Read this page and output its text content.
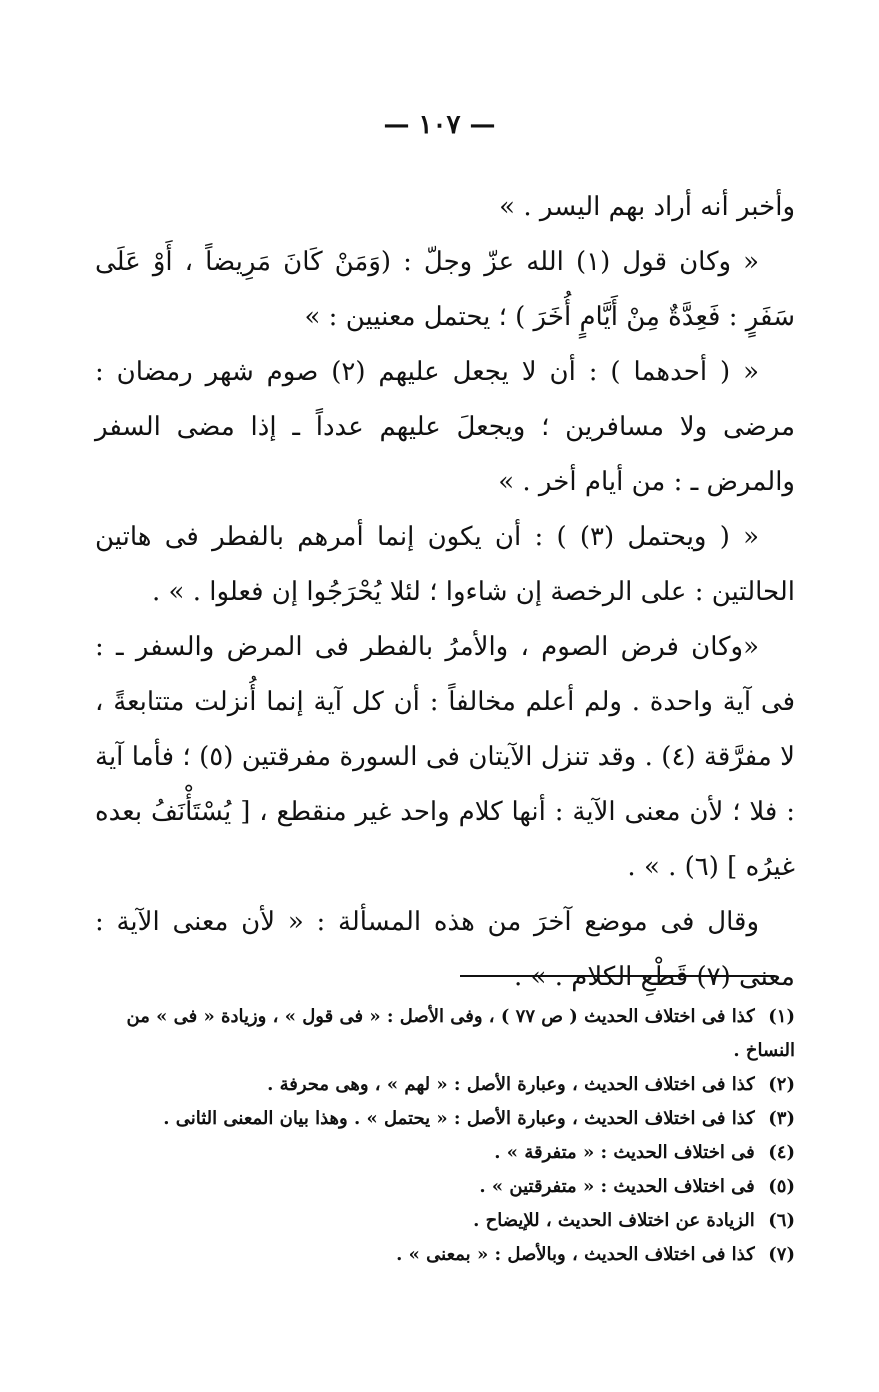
— ١٠٧ —

وأخبر أنه أراد بهم اليسر . »

« وكان قول (١) الله عزّ وجلّ : (وَمَنْ كَانَ مَرِيضاً ، أَوْ عَلَى سَفَرٍ : فَعِدَّةٌ مِنْ أَيَّامٍ أُخَرَ ) ؛ يحتمل معنيين : »

« ( أحدهما ) : أن لا يجعل عليهم (٢) صوم شهر رمضان : مرضى ولا مسافرين ؛ ويجعلَ عليهم عدداً ـ إذا مضى السفر والمرض ـ : من أيام أخر . »

« ( ويحتمل (٣) ) : أن يكون إنما أمرهم بالفطر فى هاتين الحالتين : على الرخصة إن شاءوا ؛ لئلا يُحْرَجُوا إن فعلوا . » .

«وكان فرض الصوم ، والأمرُ بالفطر فى المرض والسفر ـ : فى آية واحدة . ولم أعلم مخالفاً : أن كل آية إنما أُنزلت متتابعةً ، لا مفرَّقة (٤) . وقد تنزل الآيتان فى السورة مفرقتين (٥) ؛ فأما آية : فلا ؛ لأن معنى الآية : أنها كلام واحد غير منقطع ، [ يُسْتَأْنَفُ بعده غيرُه ] (٦) . » .

وقال فى موضع آخرَ من هذه المسألة : « لأن معنى الآية : معنى (٧) قَطْعِ الكلام . » .

(١) كذا فى اختلاف الحديث ( ص ٧٧ ) ، وفى الأصل : « فى قول » ، وزيادة « فى » من النساخ .
(٢) كذا فى اختلاف الحديث ، وعبارة الأصل : « لهم » ، وهى محرفة .
(٣) كذا فى اختلاف الحديث ، وعبارة الأصل : « يحتمل » . وهذا بيان المعنى الثانى .
(٤) فى اختلاف الحديث : « متفرقة » .
(٥) فى اختلاف الحديث : « متفرقتين » .
(٦) الزيادة عن اختلاف الحديث ، للإيضاح .
(٧) كذا فى اختلاف الحديث ، وبالأصل : « بمعنى » .
